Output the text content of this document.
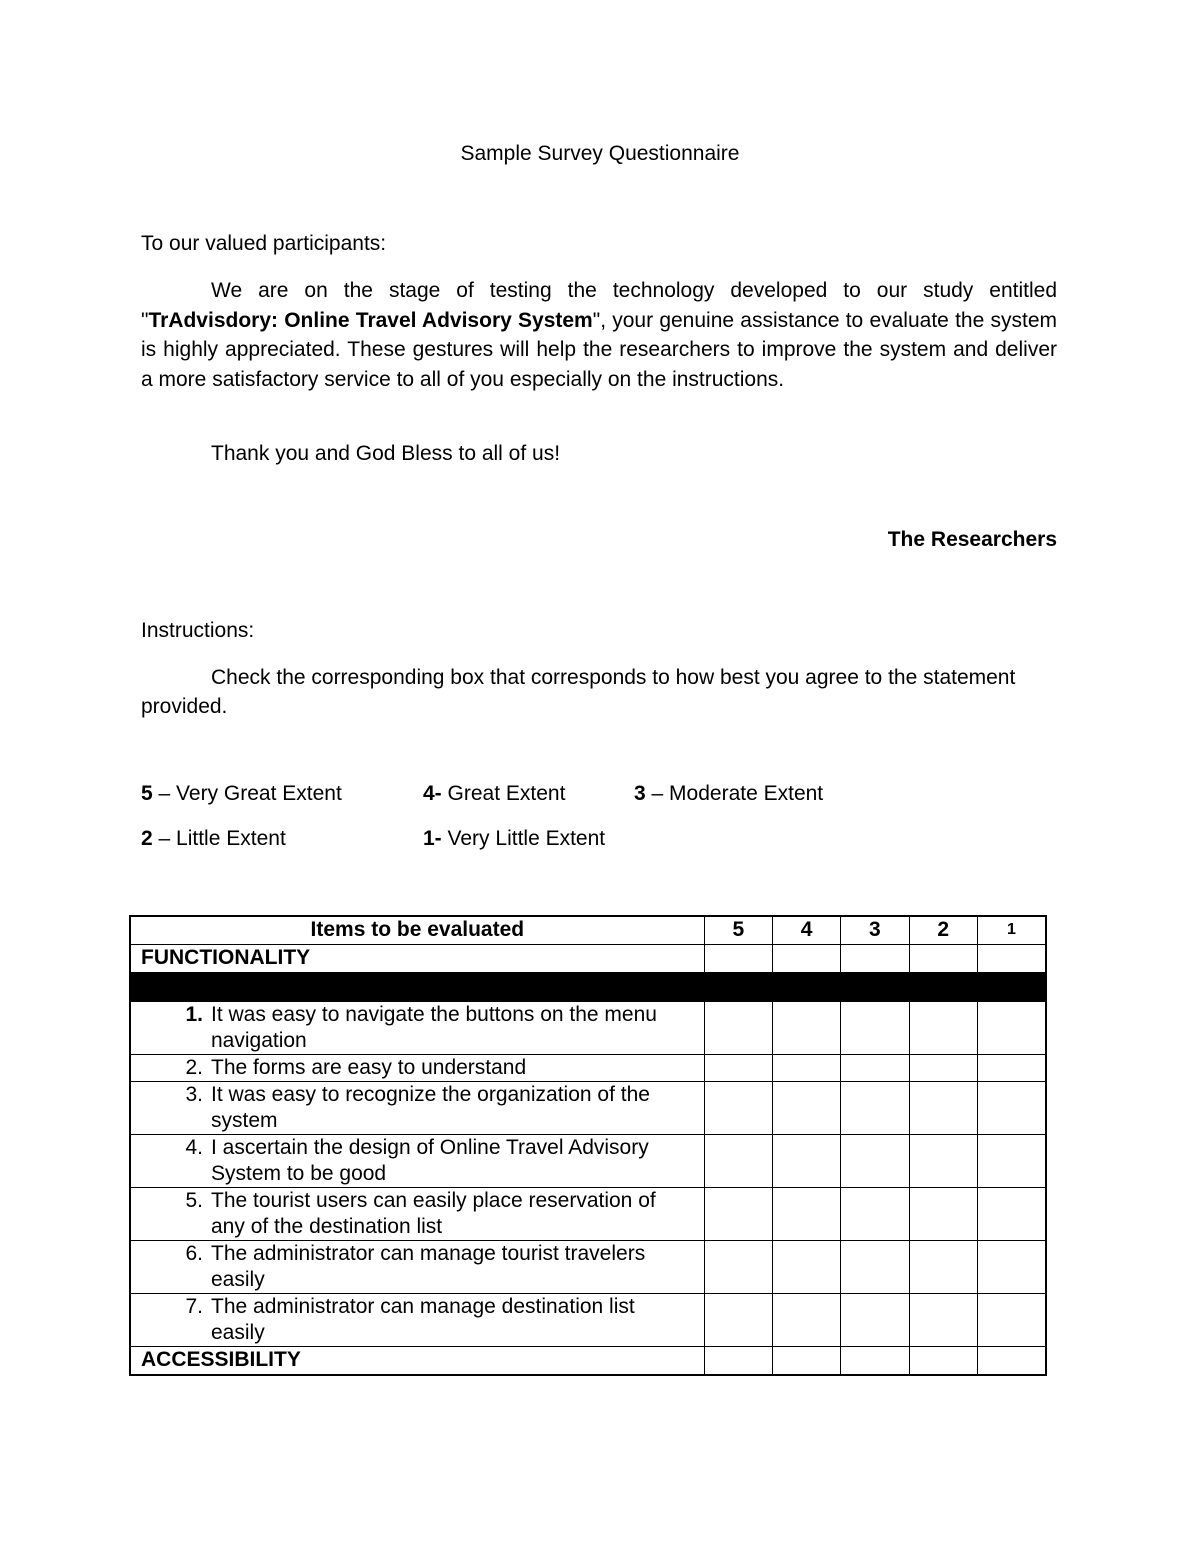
Sample Survey Questionnaire
To our valued participants:
We are on the stage of testing the technology developed to our study entitled "TrAdvisdory: Online Travel Advisory System", your genuine assistance to evaluate the system is highly appreciated. These gestures will help the researchers to improve the system and deliver a more satisfactory service to all of you especially on the instructions.
Thank you and God Bless to all of us!
The Researchers
Instructions:
Check the corresponding box that corresponds to how best you agree to the statement provided.
5 – Very Great Extent	4- Great Extent	3 – Moderate Extent
2 – Little Extent	1- Very Little Extent
Items to be evaluated	5	4	3	2	1
FUNCTIONALITY					

1. It was easy to navigate the buttons on the menu navigation					

2. The forms are easy to understand					

3. It was easy to recognize the organization of the system					

4. I ascertain the design of Online Travel Advisory System to be good					

5. The tourist users can easily place reservation of any of the destination list					

6. The administrator can manage tourist travelers easily					

7. The administrator can manage destination list easily					

ACCESSIBILITY					
